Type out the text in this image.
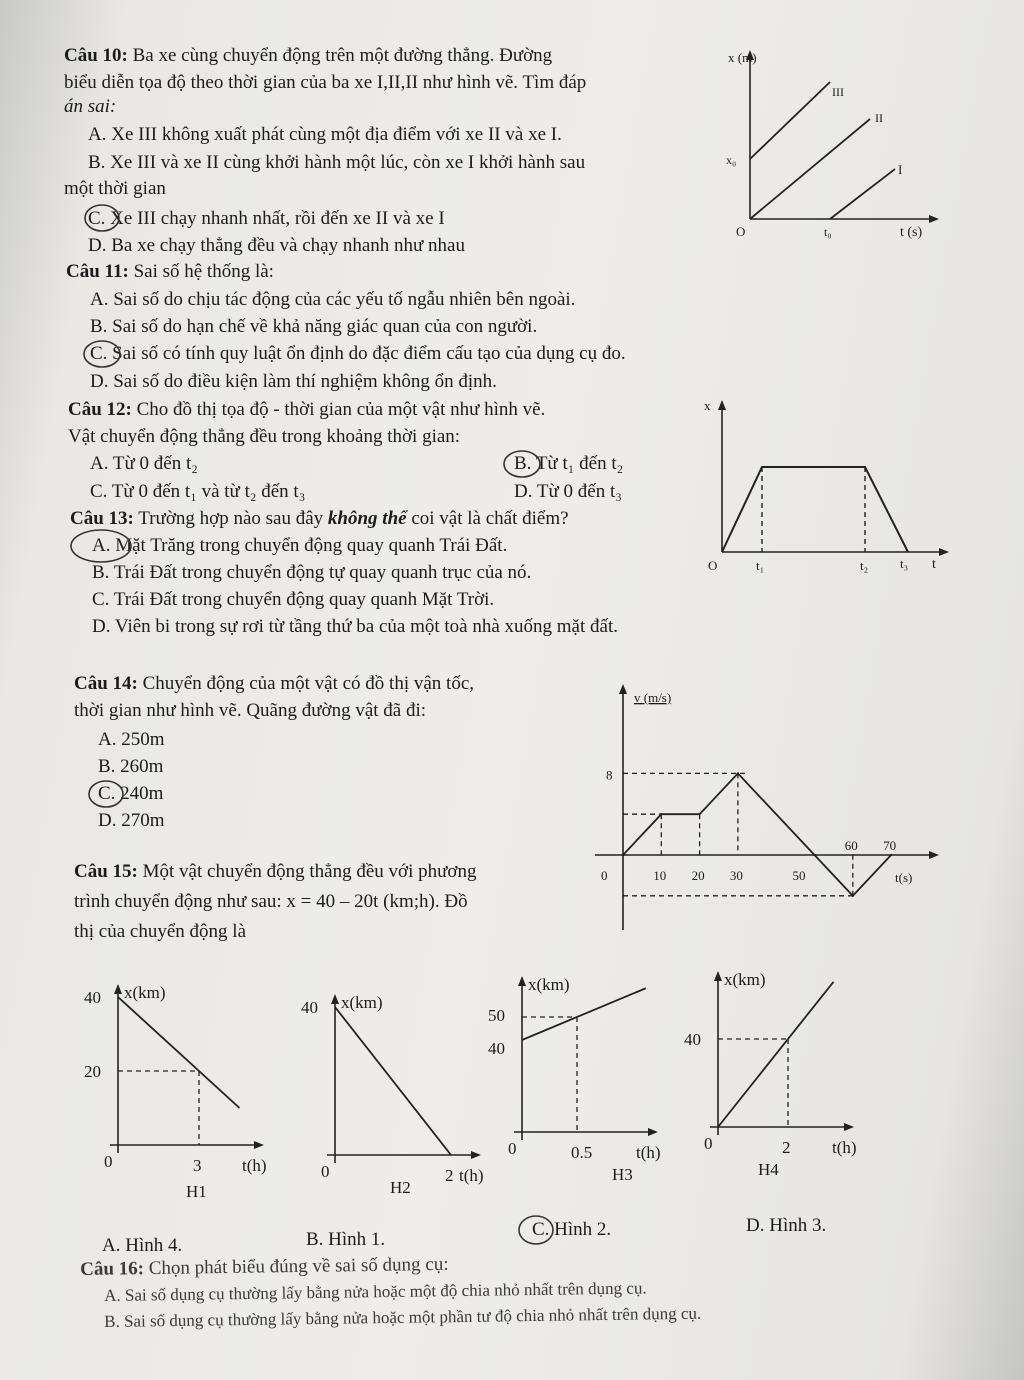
Câu 10: Ba xe cùng chuyển động trên một đường thẳng. Đường
biểu diễn tọa độ theo thời gian của ba xe I,II,II như hình vẽ. Tìm đáp
án sai:
A. Xe III không xuất phát cùng một địa điểm với xe II và xe I.
B. Xe III và xe II cùng khởi hành một lúc, còn xe I khởi hành sau
một thời gian
C. Xe III chạy nhanh nhất, rồi đến xe II và xe I
D. Ba xe chạy thẳng đều và chạy nhanh như nhau
x (m)
x₀
O	t₀	t (s)
III
II
I
Câu 11: Sai số hệ thống là:
A. Sai số do chịu tác động của các yếu tố ngẫu nhiên bên ngoài.
B. Sai số do hạn chế về khả năng giác quan của con người.
C. Sai số có tính quy luật ổn định do đặc điểm cấu tạo của dụng cụ đo.
D. Sai số do điều kiện làm thí nghiệm không ổn định.
Câu 12: Cho đồ thị tọa độ - thời gian của một vật như hình vẽ.
Vật chuyển động thẳng đều trong khoảng thời gian:
A. Từ 0 đến t₂	B. Từ t₁ đến t₂
C. Từ 0 đến t₁ và từ t₂ đến t₃	D. Từ 0 đến t₃
x
O	t₁	t₂ t₃ t
Câu 13: Trường hợp nào sau đây không thể coi vật là chất điểm?
A. Mặt Trăng trong chuyển động quay quanh Trái Đất.
B. Trái Đất trong chuyển động tự quay quanh trục của nó.
C. Trái Đất trong chuyển động quay quanh Mặt Trời.
D. Viên bi trong sự rơi từ tầng thứ ba của một toà nhà xuống mặt đất.
Câu 14: Chuyển động của một vật có đồ thị vận tốc,
thời gian như hình vẽ. Quãng đường vật đã đi:
A. 250m
B. 260m
C. 240m
D. 270m
0	10 20 30	50
60 70
8
v (m/s)
t(s)
Câu 15: Một vật chuyển động thẳng đều với phương
trình chuyển động như sau: x = 40 – 20t (km;h). Đồ
thị của chuyển động là
x(km)
t(h)
0	3
40
20
H1
x(km)
t(h)
0	2
40
H2
x(km)
t(h)
0	0.5
50
40
H3
x(km)
t(h)
0	2
40
H4
A. Hình 4.	B. Hình 1.	C. Hình 2.	D. Hình 3.
Câu 16: Chọn phát biểu đúng về sai số dụng cụ:
A. Sai số dụng cụ thường lấy bằng nửa hoặc một độ chia nhỏ nhất trên dụng cụ.
B. Sai số dụng cụ thường lấy bằng nửa hoặc một phần tư độ chia nhỏ nhất trên dụng cụ.
